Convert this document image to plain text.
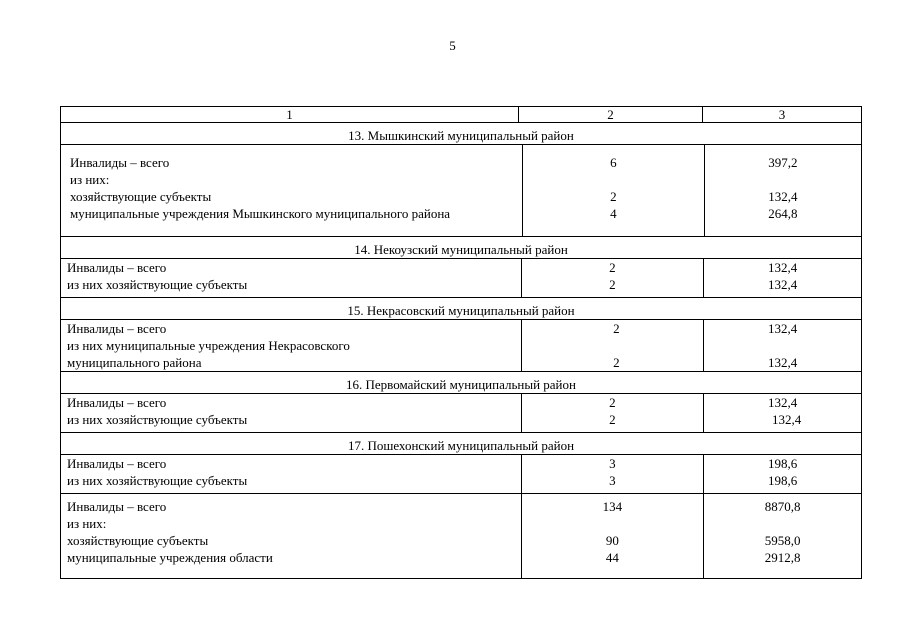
5
1	2	3
13. Мышкинский муниципальный район
Инвалиды – всего
из них:
хозяйствующие субъекты
муниципальные учреждения Мышкинского муниципального района
6
2
4
397,2
132,4
264,8
14. Некоузский муниципальный район
Инвалиды – всего
из них хозяйствующие субъекты
2
2
132,4
132,4
15. Некрасовский муниципальный район
Инвалиды – всего
из них муниципальные учреждения Некрасовского
муниципального района
2
2
132,4
132,4
16. Первомайский муниципальный район
Инвалиды – всего
из них хозяйствующие субъекты
2
2
132,4
132,4
17. Пошехонский муниципальный район
Инвалиды – всего
из них хозяйствующие субъекты
3
3
198,6
198,6
Инвалиды – всего
из них:
хозяйствующие субъекты
муниципальные учреждения области
134
90
44
8870,8
5958,0
2912,8
